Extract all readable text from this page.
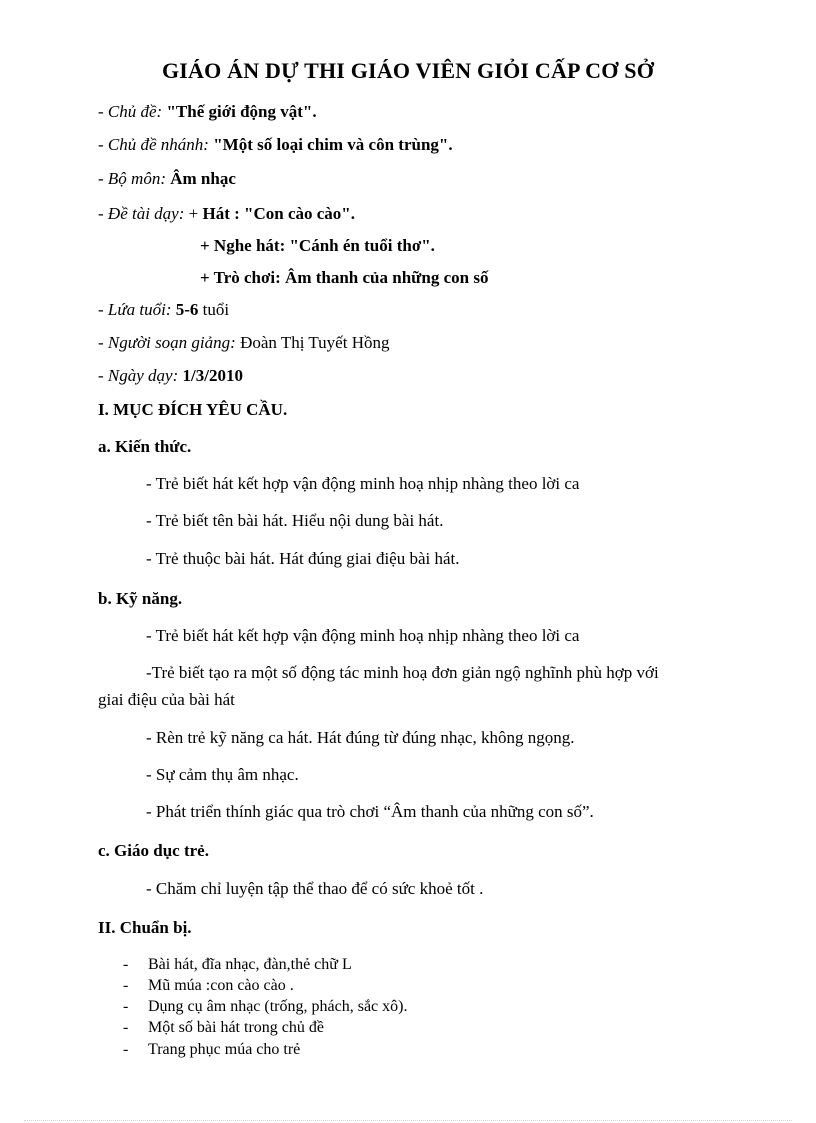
GIÁO ÁN DỰ THI GIÁO VIÊN GIỎI CẤP CƠ SỞ
- Chủ đề: "Thế giới động vật".
- Chủ đề nhánh: "Một số loại chim và côn trùng".
- Bộ môn: Âm nhạc
- Đề tài dạy: + Hát : "Con cào cào".
+ Nghe hát: "Cánh én tuổi thơ".
+ Trò chơi: Âm thanh của những con số
- Lứa tuổi: 5-6 tuổi
- Người soạn giảng: Đoàn Thị Tuyết Hồng
- Ngày dạy: 1/3/2010
I. MỤC ĐÍCH YÊU CẦU.
a. Kiến thức.
- Trẻ biết hát kết hợp vận động minh hoạ nhịp nhàng theo lời ca
- Trẻ biết tên bài hát. Hiểu nội dung bài hát.
- Trẻ thuộc bài hát. Hát đúng giai điệu bài hát.
b. Kỹ năng.
- Trẻ biết hát kết hợp vận động minh hoạ nhịp nhàng theo lời ca
-Trẻ biết tạo ra một số động tác minh hoạ đơn giản ngộ nghĩnh phù hợp với
giai điệu của bài hát
- Rèn trẻ kỹ năng ca hát. Hát đúng từ đúng nhạc, không ngọng.
- Sự cảm thụ âm nhạc.
- Phát triển thính giác qua trò chơi “Âm thanh của những con số”.
c. Giáo dục trẻ.
- Chăm chỉ luyện tập thể thao để có sức khoẻ tốt .
II. Chuẩn bị.
- Bài hát, đĩa nhạc, đàn,thẻ chữ L
- Mũ múa :con cào cào .
- Dụng cụ âm nhạc (trống, phách, sắc xô).
- Một số bài hát trong chủ đề
- Trang phục múa cho trẻ
